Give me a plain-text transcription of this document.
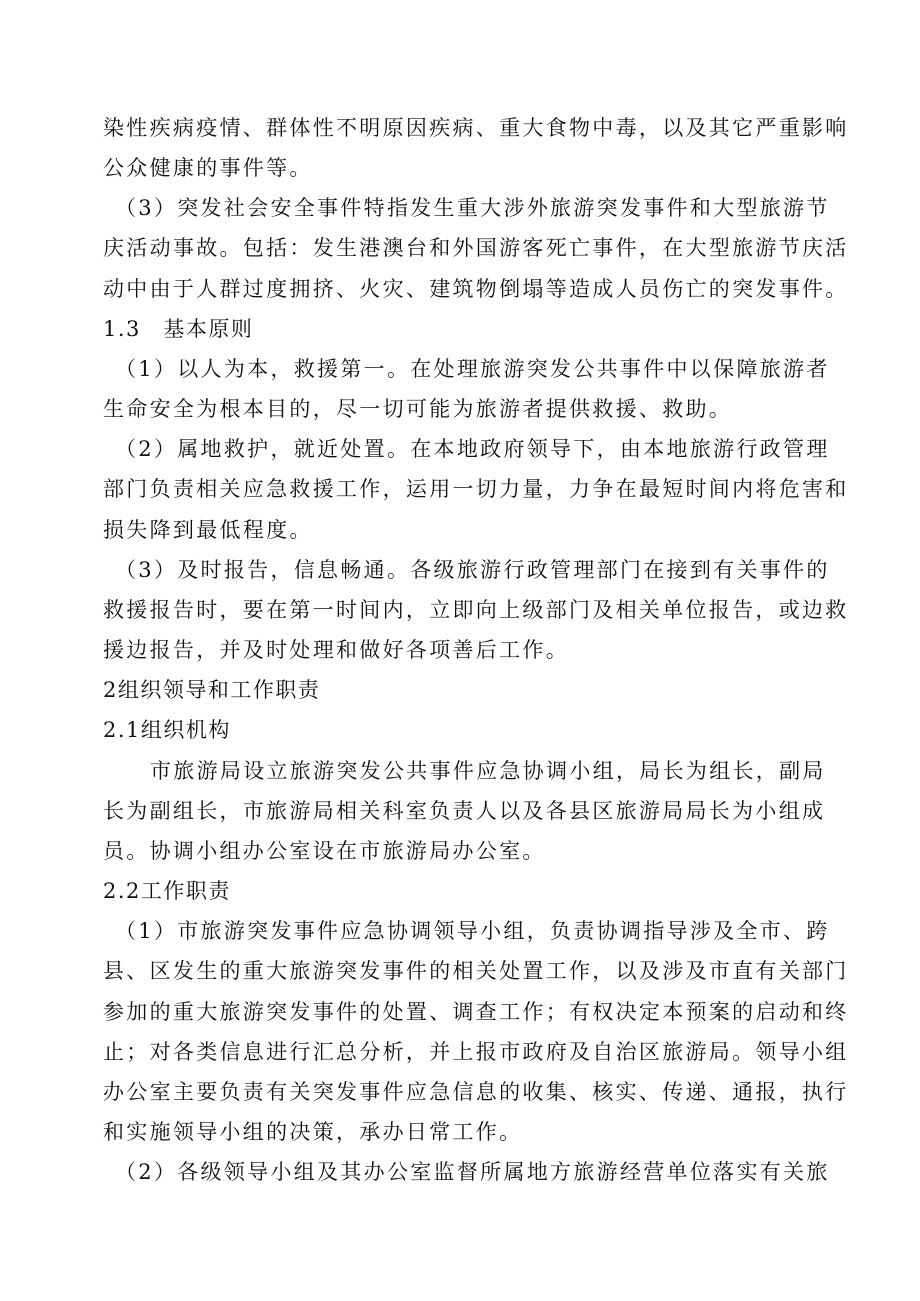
染性疾病疫情、群体性不明原因疾病、重大食物中毒，以及其它严重影响

公众健康的事件等。

（3）突发社会安全事件特指发生重大涉外旅游突发事件和大型旅游节

庆活动事故。包括：发生港澳台和外国游客死亡事件，在大型旅游节庆活

动中由于人群过度拥挤、火灾、建筑物倒塌等造成人员伤亡的突发事件。

1.3　基本原则

（1）以人为本，救援第一。在处理旅游突发公共事件中以保障旅游者

生命安全为根本目的，尽一切可能为旅游者提供救援、救助。

（2）属地救护，就近处置。在本地政府领导下，由本地旅游行政管理

部门负责相关应急救援工作，运用一切力量，力争在最短时间内将危害和

损失降到最低程度。

（3）及时报告，信息畅通。各级旅游行政管理部门在接到有关事件的

救援报告时，要在第一时间内，立即向上级部门及相关单位报告，或边救

援边报告，并及时处理和做好各项善后工作。

2组织领导和工作职责

2.1组织机构

市旅游局设立旅游突发公共事件应急协调小组，局长为组长，副局

长为副组长，市旅游局相关科室负责人以及各县区旅游局局长为小组成

员。协调小组办公室设在市旅游局办公室。

2.2工作职责

（1）市旅游突发事件应急协调领导小组，负责协调指导涉及全市、跨

县、区发生的重大旅游突发事件的相关处置工作，以及涉及市直有关部门

参加的重大旅游突发事件的处置、调查工作；有权决定本预案的启动和终

止；对各类信息进行汇总分析，并上报市政府及自治区旅游局。领导小组

办公室主要负责有关突发事件应急信息的收集、核实、传递、通报，执行

和实施领导小组的决策，承办日常工作。

（2）各级领导小组及其办公室监督所属地方旅游经营单位落实有关旅
